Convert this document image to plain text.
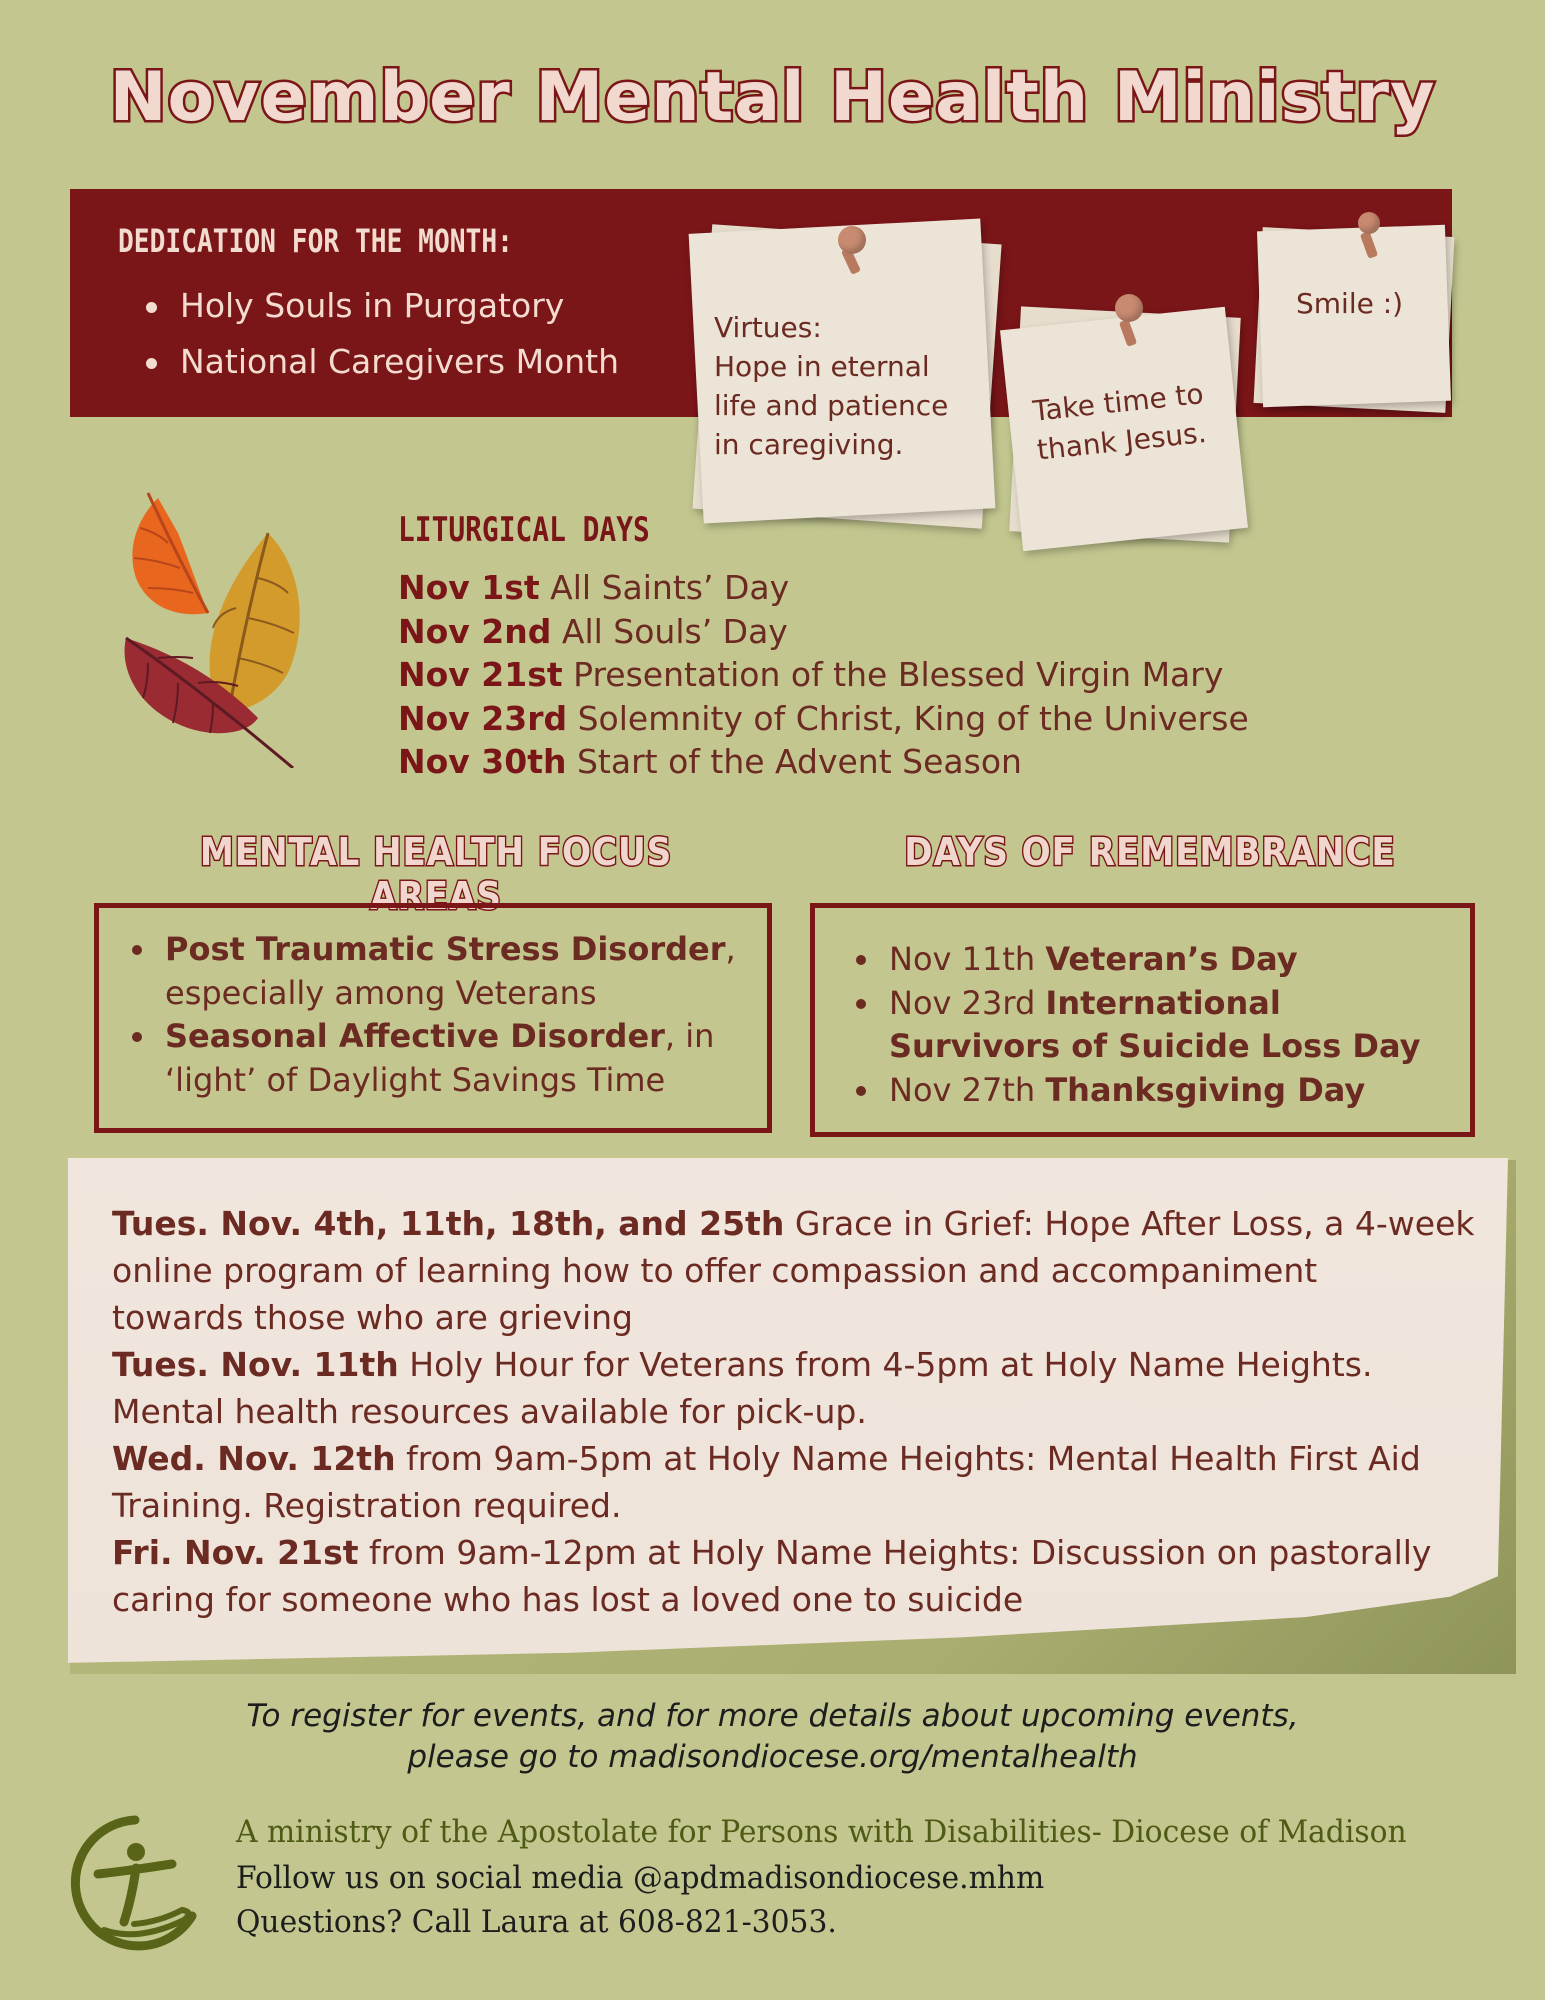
November Mental Health Ministry
DEDICATION FOR THE MONTH:
Holy Souls in Purgatory
National Caregivers Month
Virtues:
Hope in eternal
life and patience
in caregiving.
Take time to
thank Jesus.
Smile :)
LITURGICAL DAYS
Nov 1st All Saints’ Day
Nov 2nd All Souls’ Day
Nov 21st Presentation of the Blessed Virgin Mary
Nov 23rd Solemnity of Christ, King of the Universe
Nov 30th Start of the Advent Season
MENTAL HEALTH FOCUS AREAS
DAYS OF REMEMBRANCE
Post Traumatic Stress Disorder,
especially among Veterans
Seasonal Affective Disorder, in
‘light’ of Daylight Savings Time
Nov 11th Veteran’s Day
Nov 23rd International
Survivors of Suicide Loss Day
Nov 27th Thanksgiving Day
Tues. Nov. 4th, 11th, 18th, and 25th Grace in Grief: Hope After Loss, a 4-week
online program of learning how to offer compassion and accompaniment
towards those who are grieving
Tues. Nov. 11th Holy Hour for Veterans from 4-5pm at Holy Name Heights.
Mental health resources available for pick-up.
Wed. Nov. 12th from 9am-5pm at Holy Name Heights: Mental Health First Aid
Training. Registration required.
Fri. Nov. 21st from 9am-12pm at Holy Name Heights: Discussion on pastorally
caring for someone who has lost a loved one to suicide
To register for events, and for more details about upcoming events,
please go to madisondiocese.org/mentalhealth
A ministry of the Apostolate for Persons with Disabilities- Diocese of Madison
Follow us on social media @apdmadisondiocese.mhm
Questions? Call Laura at 608-821-3053.
